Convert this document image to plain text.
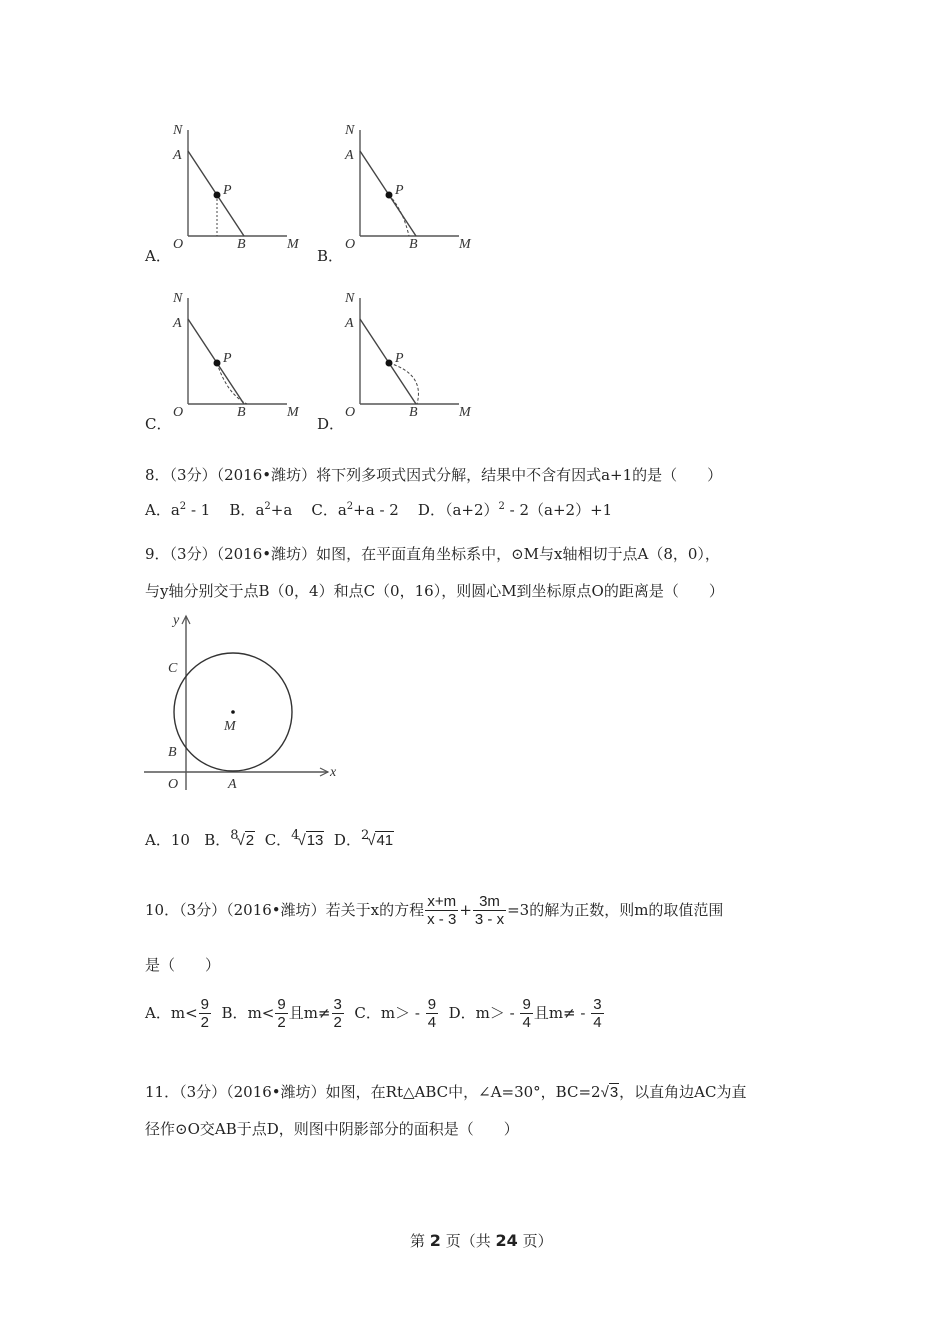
A．
N
A
P
O	B	M
B．
N
A
P
O	B	M
C．
N
A
P
O	B	M
D．
N
A
P
O	B	M
8．（3分）（2016•潍坊）将下列多项式因式分解，结果中不含有因式a+1的是（　　）
A．$a^2 - 1$ B．$a^2+a$ C．$a^2+a - 2$ D．$(a+2)^2 - 2(a+2)+1$
9．（3分）（2016•潍坊）如图，在平面直角坐标系中，⊙M与x轴相切于点A（8，0），
与y轴分别交于点B（0，4）和点C（0，16），则圆心M到坐标原点O的距离是（　　）
y
x
C
M
B
O	A
A．10 B．8√2 C．4√13 D．2√41
10．（3分）（2016•潍坊）若关于x的方程 $\frac{x+m}{x - 3} + \frac{3m}{3 - x} =3$的解为正数，则m的取值范围
是（　　）
A．$m< \frac{9}{2}$ B．$m< \frac{9}{2}$ 且$m\ne \frac{3}{2}$ C．$m> - \frac{9}{4}$ D．$m> - \frac{9}{4}$ 且$m\ne - \frac{3}{4}$
11．（3分）（2016•潍坊）如图，在Rt△ABC中，∠A=30°，BC=2√3，以直角边AC为直
径作⊙O交AB于点D，则图中阴影部分的面积是（　　）
第 2 页（共 24 页）
